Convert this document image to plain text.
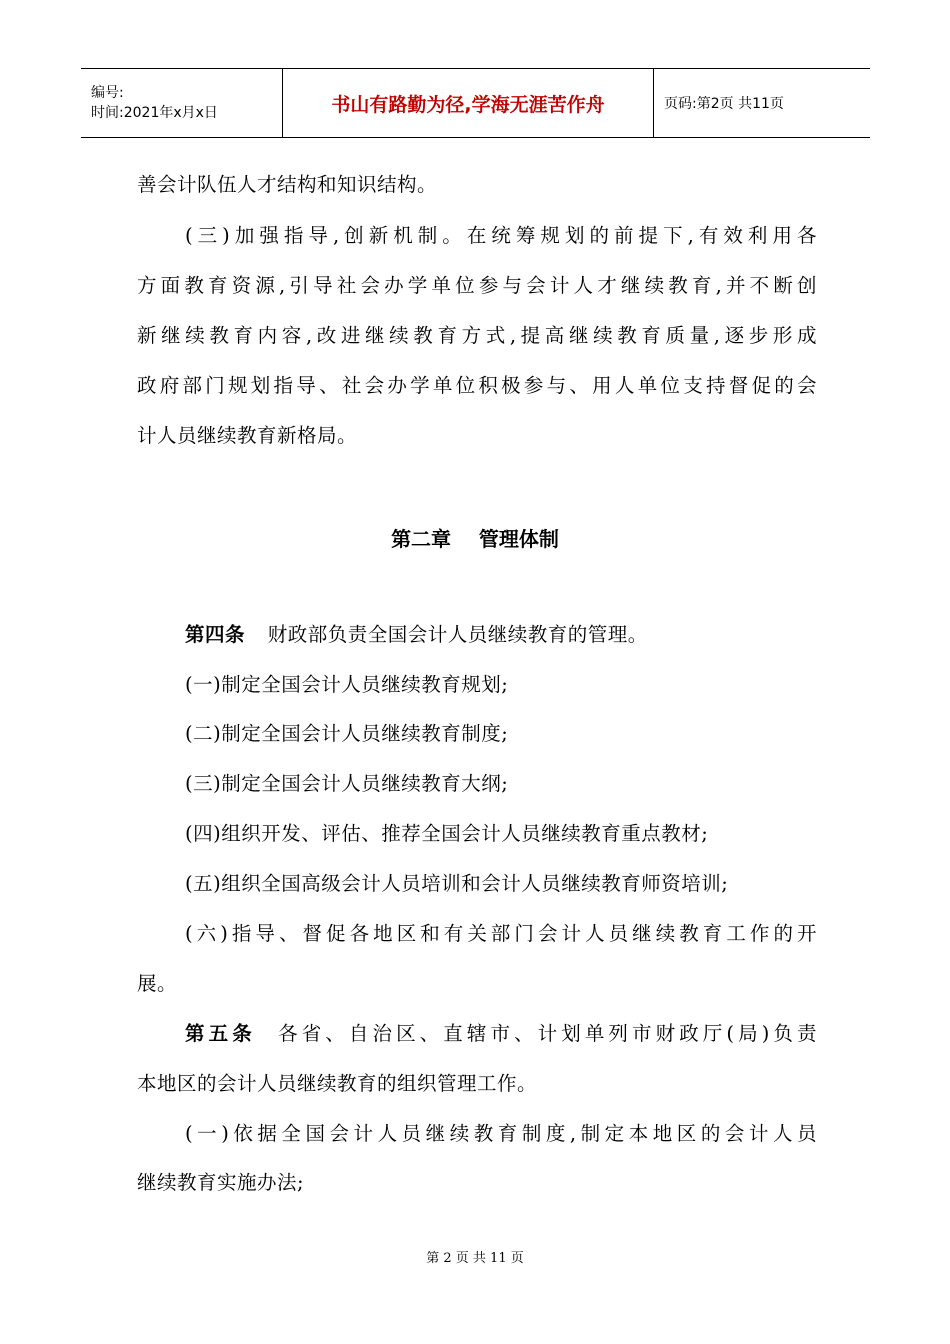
编号:
时间:2021年x月x日	书山有路勤为径,学海无涯苦作舟	页码:第2页 共11页
善会计队伍人才结构和知识结构。
(三)加强指导,创新机制。在统筹规划的前提下,有效利用各
方面教育资源,引导社会办学单位参与会计人才继续教育,并不断创
新继续教育内容,改进继续教育方式,提高继续教育质量,逐步形成
政府部门规划指导、社会办学单位积极参与、用人单位支持督促的会
计人员继续教育新格局。
第二章    管理体制
第四条 财政部负责全国会计人员继续教育的管理。
(一)制定全国会计人员继续教育规划;
(二)制定全国会计人员继续教育制度;
(三)制定全国会计人员继续教育大纲;
(四)组织开发、评估、推荐全国会计人员继续教育重点教材;
(五)组织全国高级会计人员培训和会计人员继续教育师资培训;
(六)指导、督促各地区和有关部门会计人员继续教育工作的开
展。
第五条 各省、自治区、直辖市、计划单列市财政厅(局)负责
本地区的会计人员继续教育的组织管理工作。
(一)依据全国会计人员继续教育制度,制定本地区的会计人员
继续教育实施办法;
第 2 页 共 11 页
